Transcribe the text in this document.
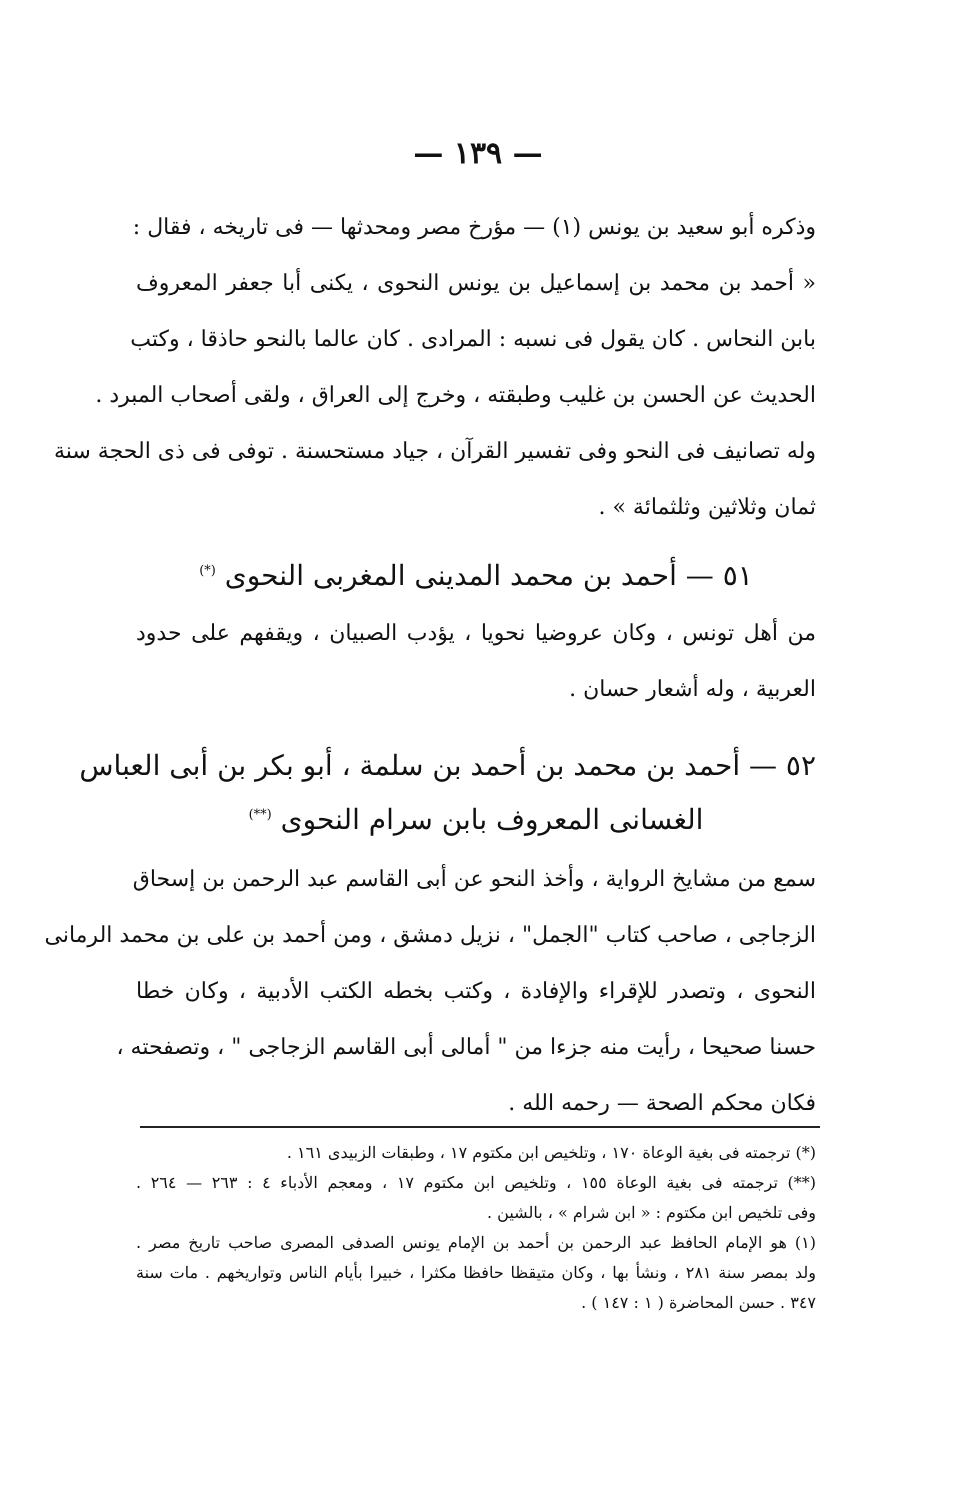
— ١٣٩ —
وذكره أبو سعيد بن يونس (١) — مؤرخ مصر ومحدثها — فى تاريخه ، فقال :
« أحمد بن محمد بن إسماعيل بن يونس النحوى ، يكنى أبا جعفر المعروف
بابن النحاس . كان يقول فى نسبه : المرادى . كان عالما بالنحو حاذقا ، وكتب
الحديث عن الحسن بن غليب وطبقته ، وخرج إلى العراق ، ولقى أصحاب المبرد .
وله تصانيف فى النحو وفى تفسير القرآن ، جياد مستحسنة . توفى فى ذى الحجة سنة
ثمان وثلاثين وثلثمائة » .
٥١ — أحمد بن محمد المدينى المغربى النحوى (*)
من أهل تونس ، وكان عروضيا نحويا ، يؤدب الصبيان ، ويقفهم على حدود
العربية ، وله أشعار حسان .
٥٢ — أحمد بن محمد بن أحمد بن سلمة ، أبو بكر بن أبى العباس
الغسانى المعروف بابن سرام النحوى (**)
سمع من مشايخ الرواية ، وأخذ النحو عن أبى القاسم عبد الرحمن بن إسحاق
الزجاجى ، صاحب كتاب "الجمل" ، نزيل دمشق ، ومن أحمد بن على بن محمد الرمانى
النحوى ، وتصدر للإقراء والإفادة ، وكتب بخطه الكتب الأدبية ، وكان خطا
حسنا صحيحا ، رأيت منه جزءا من " أمالى أبى القاسم الزجاجى " ، وتصفحته ،
فكان محكم الصحة — رحمه الله .
(*) ترجمته فى بغية الوعاة ١٧٠ ، وتلخيص ابن مكتوم ١٧ ، وطبقات الزبيدى ١٦١ .
(**) ترجمته فى بغية الوعاة ١٥٥ ، وتلخيص ابن مكتوم ١٧ ، ومعجم الأدباء ٤ : ٢٦٣ — ٢٦٤ .
وفى تلخيص ابن مكتوم : « ابن شرام » ، بالشين .
(١) هو الإمام الحافظ عبد الرحمن بن أحمد بن الإمام يونس الصدفى المصرى صاحب تاريخ مصر .
ولد بمصر سنة ٢٨١ ، ونشأ بها ، وكان متيقظا حافظا مكثرا ، خبيرا بأيام الناس وتواريخهم . مات سنة
٣٤٧ . حسن المحاضرة ( ١ : ١٤٧ ) .
